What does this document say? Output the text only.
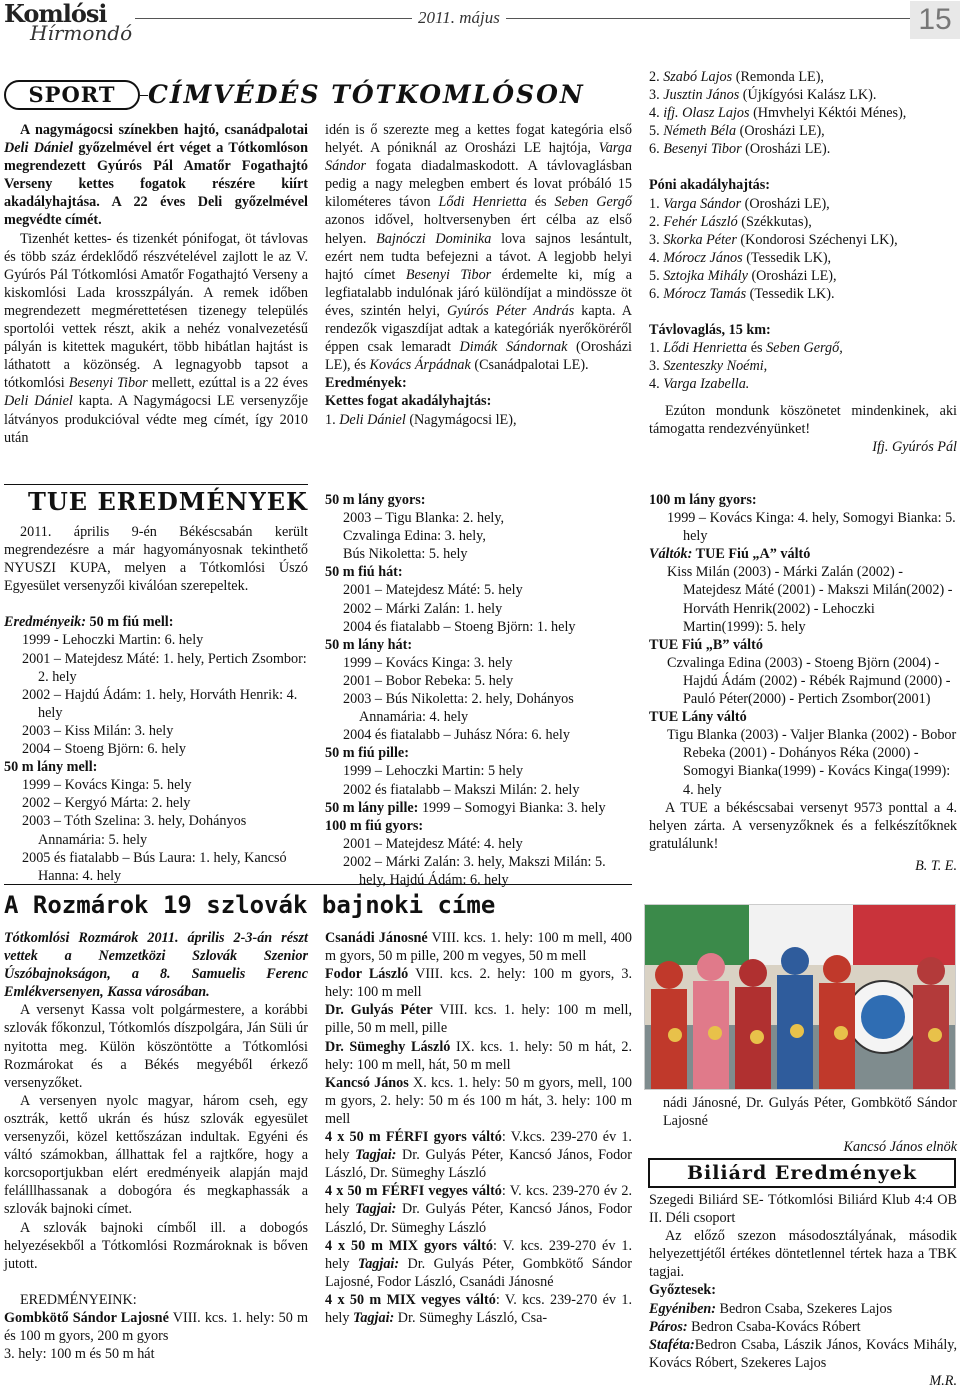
Komlósi
Hírmondó
2011. május	15
SPORT	CÍMVÉDÉS TÓTKOMLÓSON

A nagymágocsi színekben hajtó, csanádpalotai Deli Dániel győzelmével ért véget a Tótkomlóson megrendezett Gyúrós Pál Amatőr Fogathajtó Verseny kettes fogatok részére kiírt akadályhajtása. A 22 éves Deli győzelmével megvédte címét.

Tizenhét kettes- és tizenkét pónifogat, öt távlovas és több száz érdeklődő részvételével zajlott le az V. Gyúrós Pál Tótkomlósi Amatőr Fogathajtó Verseny a kiskomlósi Lada krosszpályán. A remek időben megrendezett megmérettetésen tizenegy település sportolói vettek részt, akik a nehéz vonalvezetésű pályán is kitettek magukért, több hibátlan hajtást is láthatott a közönség. A legnagyobb tapsot a tótkomlósi Besenyi Tibor mellett, ezúttal is a 22 éves Deli Dániel kapta. A Nagymágocsi LE versenyzője látványos produkcióval védte meg címét, így 2010 után

idén is ő szerezte meg a kettes fogat kategória első helyét. A póniknál az Orosházi LE hajtója, Varga Sándor fogata diadalmaskodott. A távlovaglásban pedig a nagy melegben embert és lovat próbáló 15 kilométeres távon Lődi Henrietta és Seben Gergő azonos idővel, holtversenyben ért célba az első helyen. Bajnóczi Dominika lova sajnos lesántult, ezért nem tudta befejezni a távot. A legjobb helyi hajtó címet Besenyi Tibor érdemelte ki, míg a legfiatalabb indulónak járó különdíjat a mindössze öt éves, szintén helyi, Gyúrós Péter András kapta. A rendezők vigaszdíjat adtak a kategóriák nyerőköréről éppen csak lemaradt Dimák Sándornak (Orosházi LE), és Kovács Árpádnak (Csanádpalotai LE).

Eredmények:

Kettes fogat akadályhajtás:

1. Deli Dániel (Nagymágocsi lE),

2. Szabó Lajos (Remonda LE),

3. Jusztin János (Újkígyósi Kalász LK).

4. ifj. Olasz Lajos (Hmvhelyi Kéktói Ménes),

5. Németh Béla (Orosházi LE),

6. Besenyi Tibor (Orosházi LE).

Póni akadályhajtás:

1. Varga Sándor (Orosházi LE),

2. Fehér László (Székkutas),

3. Skorka Péter (Kondorosi Széchenyi LK),

4. Mórocz János (Tessedik LK),

5. Sztojka Mihály (Orosházi LE),

6. Mórocz Tamás (Tessedik LK).

Távlovaglás, 15 km:

1. Lődi Henrietta és Seben Gergő,

3. Szenteszky Noémi,

4. Varga Izabella.

Ezúton mondunk köszönetet mindenkinek, aki támogatta rendezvényünket!

Ifj. Gyúrós Pál

TUE EREDMÉNYEK

2011. április 9-én Békéscsabán került megrendezésre a már hagyományosnak tekinthető NYUSZI KUPA, melyen a Tótkomlósi Úszó Egyesület versenyzői kiválóan szerepeltek.

Eredményeik: 50 m fiú mell:

1999 - Lehoczki Martin: 6. hely

2001 – Matejdesz Máté: 1. hely, Pertich Zsombor: 2. hely

2002 – Hajdú Ádám: 1. hely, Horváth Henrik: 4. hely

2003 – Kiss Milán: 3. hely

2004 – Stoeng Björn: 6. hely

50 m lány mell:

1999 – Kovács Kinga: 5. hely

2002 – Kergyó Márta: 2. hely

2003 – Tóth Szelina: 3. hely, Dohányos Annamária: 5. hely

2005 és fiatalabb – Bús Laura: 1. hely, Kancsó Hanna: 4. hely

50 m lány gyors:

2003 – Tigu Blanka: 2. hely,

Czvalinga Edina: 3. hely,

Bús Nikoletta: 5. hely

50 m fiú hát:

2001 – Matejdesz Máté: 5. hely

2002 – Márki Zalán: 1. hely

2004 és fiatalabb – Stoeng Björn: 1. hely

50 m lány hát:

1999 – Kovács Kinga: 3. hely

2001 – Bobor Rebeka: 5. hely

2003 – Bús Nikoletta: 2. hely, Dohányos Annamária: 4. hely

2004 és fiatalabb – Juhász Nóra: 6. hely

50 m fiú pille:

1999 – Lehoczki Martin: 5 hely

2002 és fiatalabb – Makszi Milán: 2. hely

50 m lány pille: 1999 – Somogyi Bianka: 3. hely

100 m fiú gyors:

2001 – Matejdesz Máté: 4. hely

2002 – Márki Zalán: 3. hely, Makszi Milán: 5. hely, Hajdú Ádám: 6. hely

100 m lány gyors:

1999 – Kovács Kinga: 4. hely, Somogyi Bianka: 5. hely

Váltók: TUE Fiú „A” váltó

Kiss Milán (2003) - Márki Zalán (2002) - Matejdesz Máté (2001) - Makszi Milán(2002) - Horváth Henrik(2002) - Lehoczki Martin(1999): 5. hely

TUE Fiú „B” váltó

Czvalinga Edina (2003) - Stoeng Björn (2004) - Hajdú Ádám (2002) - Rébék Rajmund (2000) - Pauló Péter(2000) - Pertich Zsombor(2001)

TUE Lány váltó

Tigu Blanka (2003) - Valjer Blanka (2002) - Bobor Rebeka (2001) - Dohányos Réka (2000) - Somogyi Bianka(1999) - Kovács Kinga(1999): 4. hely

A TUE a békéscsabai versenyt 9573 ponttal a 4. helyen zárta. A versenyzőknek és a felkészítőknek gratulálunk!

B. T. E.

A Rozmárok 19 szlovák bajnoki címe

Tótkomlósi Rozmárok 2011. április 2-3-án részt vettek a Nemzetközi Szlovák Szenior Úszóbajnokságon, a 8. Samuelis Ferenc Emlékversenyen, Kassa városában.

A versenyt Kassa volt polgármestere, a korábbi szlovák főkonzul, Tótkomlós díszpolgára, Ján Süli úr nyitotta meg. Külön köszöntötte a Tótkomlósi Rozmárokat és a Békés megyéből érkező versenyzőket.

A versenyen nyolc magyar, három cseh, egy osztrák, kettő ukrán és húsz szlovák egyesület versenyzői, közel kettőszázan indultak. Egyéni és váltó számokban, állhattak fel a rajtkőre, hogy a korcsoportjukban elért eredményeik alapján majd felálllhassanak a dobogóra és megkaphassák a szlovák bajnoki címet.

A szlovák bajnoki címből ill. a dobogós helyezésekből a Tótkomlósi Rozmároknak is bőven jutott.

EREDMÉNYEINK:

Gombkötő Sándor Lajosné VIII. kcs. 1. hely: 50 m és 100 m gyors, 200 m gyors

3. hely: 100 m és 50 m hát

Csanádi Jánosné VIII. kcs. 1. hely: 100 m mell, 400 m gyors, 50 m pille, 200 m vegyes, 50 m mell

Fodor László VIII. kcs. 2. hely: 100 m gyors, 3. hely: 100 m mell

Dr. Gulyás Péter VIII. kcs. 1. hely: 100 m mell, pille, 50 m mell, pille

Dr. Sümeghy László IX. kcs. 1. hely: 50 m hát, 2. hely: 100 m mell, hát, 50 m mell

Kancsó János X. kcs. 1. hely: 50 m gyors, mell, 100 m gyors, 2. hely: 50 m és 100 m hát, 3. hely: 100 m mell

4 x 50 m FÉRFI gyors váltó: V.kcs. 239-270 év 1. hely Tagjai: Dr. Gulyás Péter, Kancsó János, Fodor László, Dr. Sümeghy László

4 x 50 m FÉRFI vegyes váltó: V. kcs. 239-270 év 2. hely Tagjai: Dr. Gulyás Péter, Kancsó János, Fodor László, Dr. Sümeghy László

4 x 50 m MIX gyors váltó: V. kcs. 239-270 év 1. hely Tagjai: Dr. Gulyás Péter, Gombkötő Sándor Lajosné, Fodor László, Csanádi Jánosné

4 x 50 m MIX vegyes váltó: V. kcs. 239-270 év 1. hely Tagjai: Dr. Sümeghy László, Csa-

nádi Jánosné, Dr. Gulyás Péter, Gombkötő Sándor Lajosné

Kancsó János elnök

Biliárd Eredmények

Szegedi Biliárd SE- Tótkomlósi Biliárd Klub 4:4 OB II. Déli csoport

Az előző szezon másodosztályának, második helyezettjétől értékes döntetlennel tértek haza a TBK tagjai.

Győztesek:

Egyéniben: Bedron Csaba, Szekeres Lajos

Páros: Bedron Csaba-Kovács Róbert

Staféta:Bedron Csaba, Lászik János, Kovács Mihály, Kovács Róbert, Szekeres Lajos

M.R.
